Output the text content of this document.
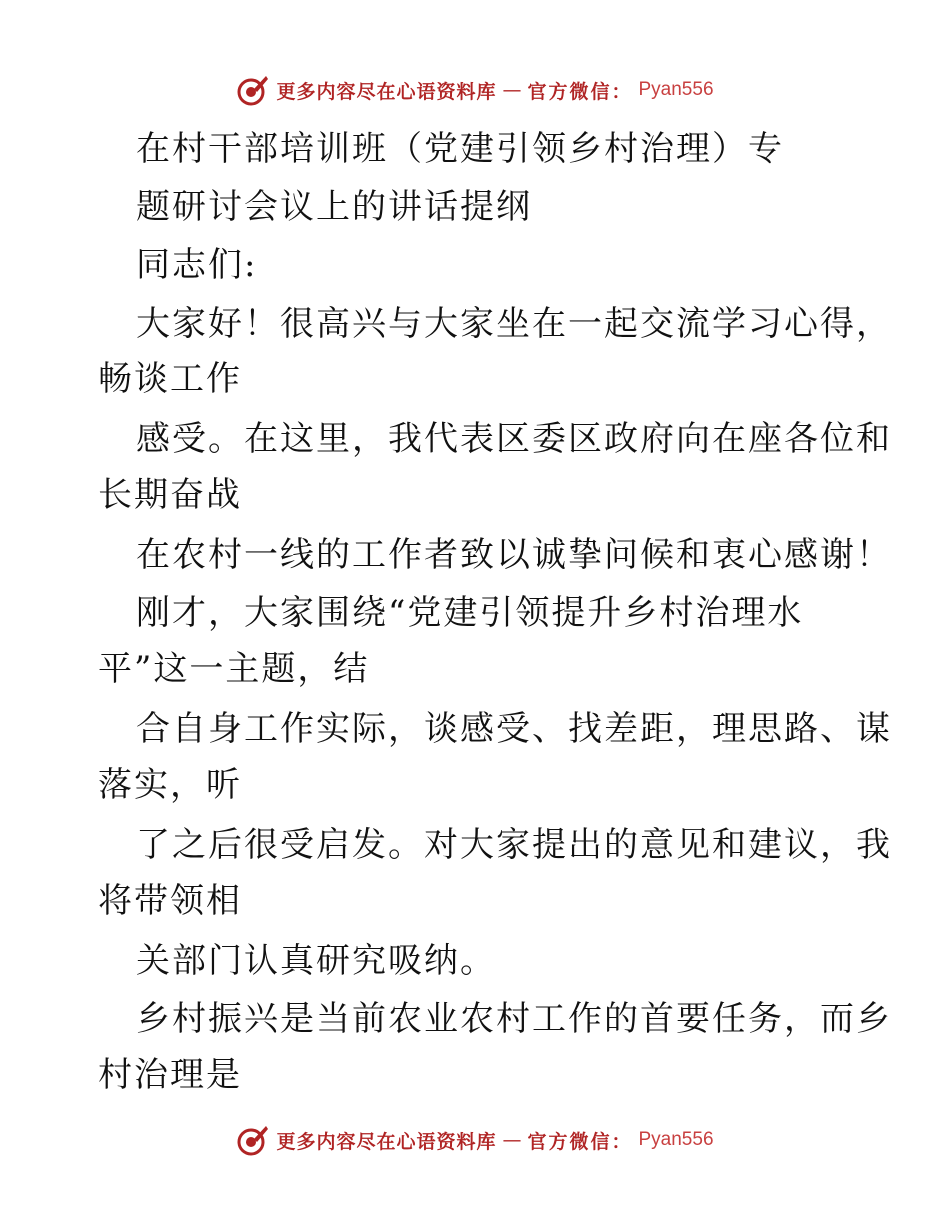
更多内容尽在心语资料库 — 官方微信： Pyan556
在村干部培训班（党建引领乡村治理）专
题研讨会议上的讲话提纲
同志们:
大家好！很高兴与大家坐在一起交流学习心得，
畅谈工作
感受。在这里，我代表区委区政府向在座各位和
长期奋战
在农村一线的工作者致以诚挚问候和衷心感谢！
刚才，大家围绕“党建引领提升乡村治理水
平”这一主题，结
合自身工作实际，谈感受、找差距，理思路、谋
落实，听
了之后很受启发。对大家提出的意见和建议，我
将带领相
关部门认真研究吸纳。
乡村振兴是当前农业农村工作的首要任务，而乡
村治理是
更多内容尽在心语资料库 — 官方微信： Pyan556
